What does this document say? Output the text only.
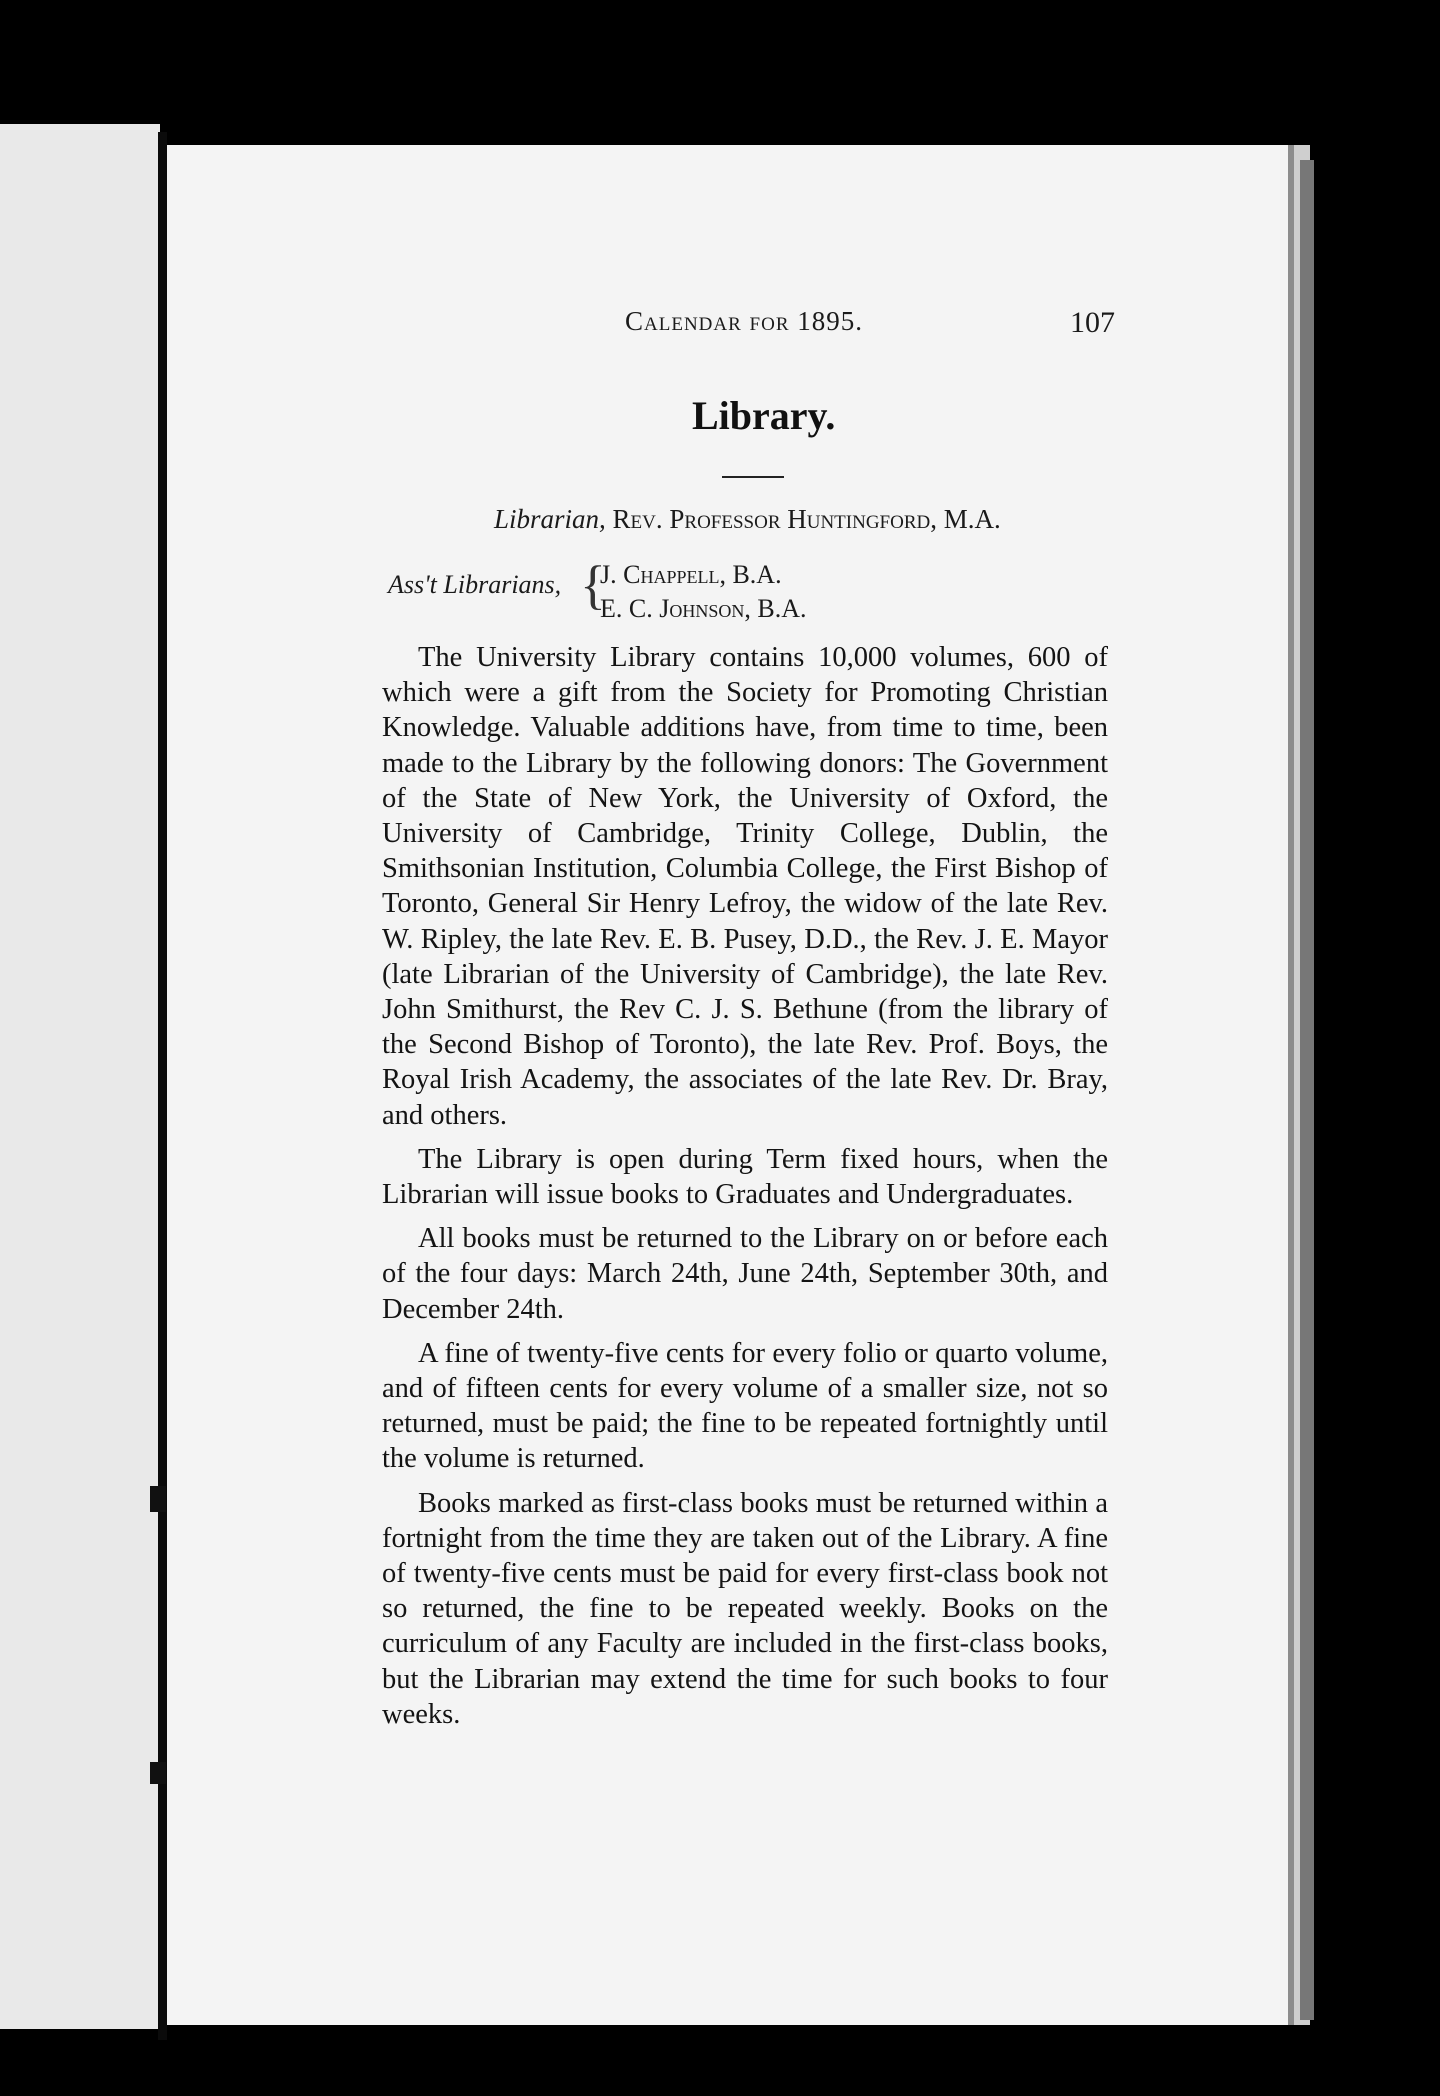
Calendar for 1895.	107
Library.
Librarian, Rev. Professor Huntingford, M.A.
Ass't Librarians, {
J. Chappell, B.A.
E. C. Johnson, B.A.

The University Library contains 10,000 volumes, 600 of which were a gift from the Society for Promoting Christian Knowledge. Valuable additions have, from time to time, been made to the Library by the following donors: The Government of the State of New York, the University of Oxford, the University of Cambridge, Trinity College, Dublin, the Smithsonian Institution, Columbia College, the First Bishop of Toronto, General Sir Henry Lefroy, the widow of the late Rev. W. Ripley, the late Rev. E. B. Pusey, D.D., the Rev. J. E. Mayor (late Librarian of the University of Cambridge), the late Rev. John Smithurst, the Rev C. J. S. Bethune (from the library of the Second Bishop of Toronto), the late Rev. Prof. Boys, the Royal Irish Academy, the associates of the late Rev. Dr. Bray, and others.

The Library is open during Term fixed hours, when the Librarian will issue books to Graduates and Undergraduates.

All books must be returned to the Library on or before each of the four days: March 24th, June 24th, September 30th, and December 24th.

A fine of twenty-five cents for every folio or quarto volume, and of fifteen cents for every volume of a smaller size, not so returned, must be paid; the fine to be repeated fortnightly until the volume is returned.

Books marked as first-class books must be returned within a fortnight from the time they are taken out of the Library. A fine of twenty-five cents must be paid for every first-class book not so returned, the fine to be repeated weekly. Books on the curriculum of any Faculty are included in the first-class books, but the Librarian may extend the time for such books to four weeks.
